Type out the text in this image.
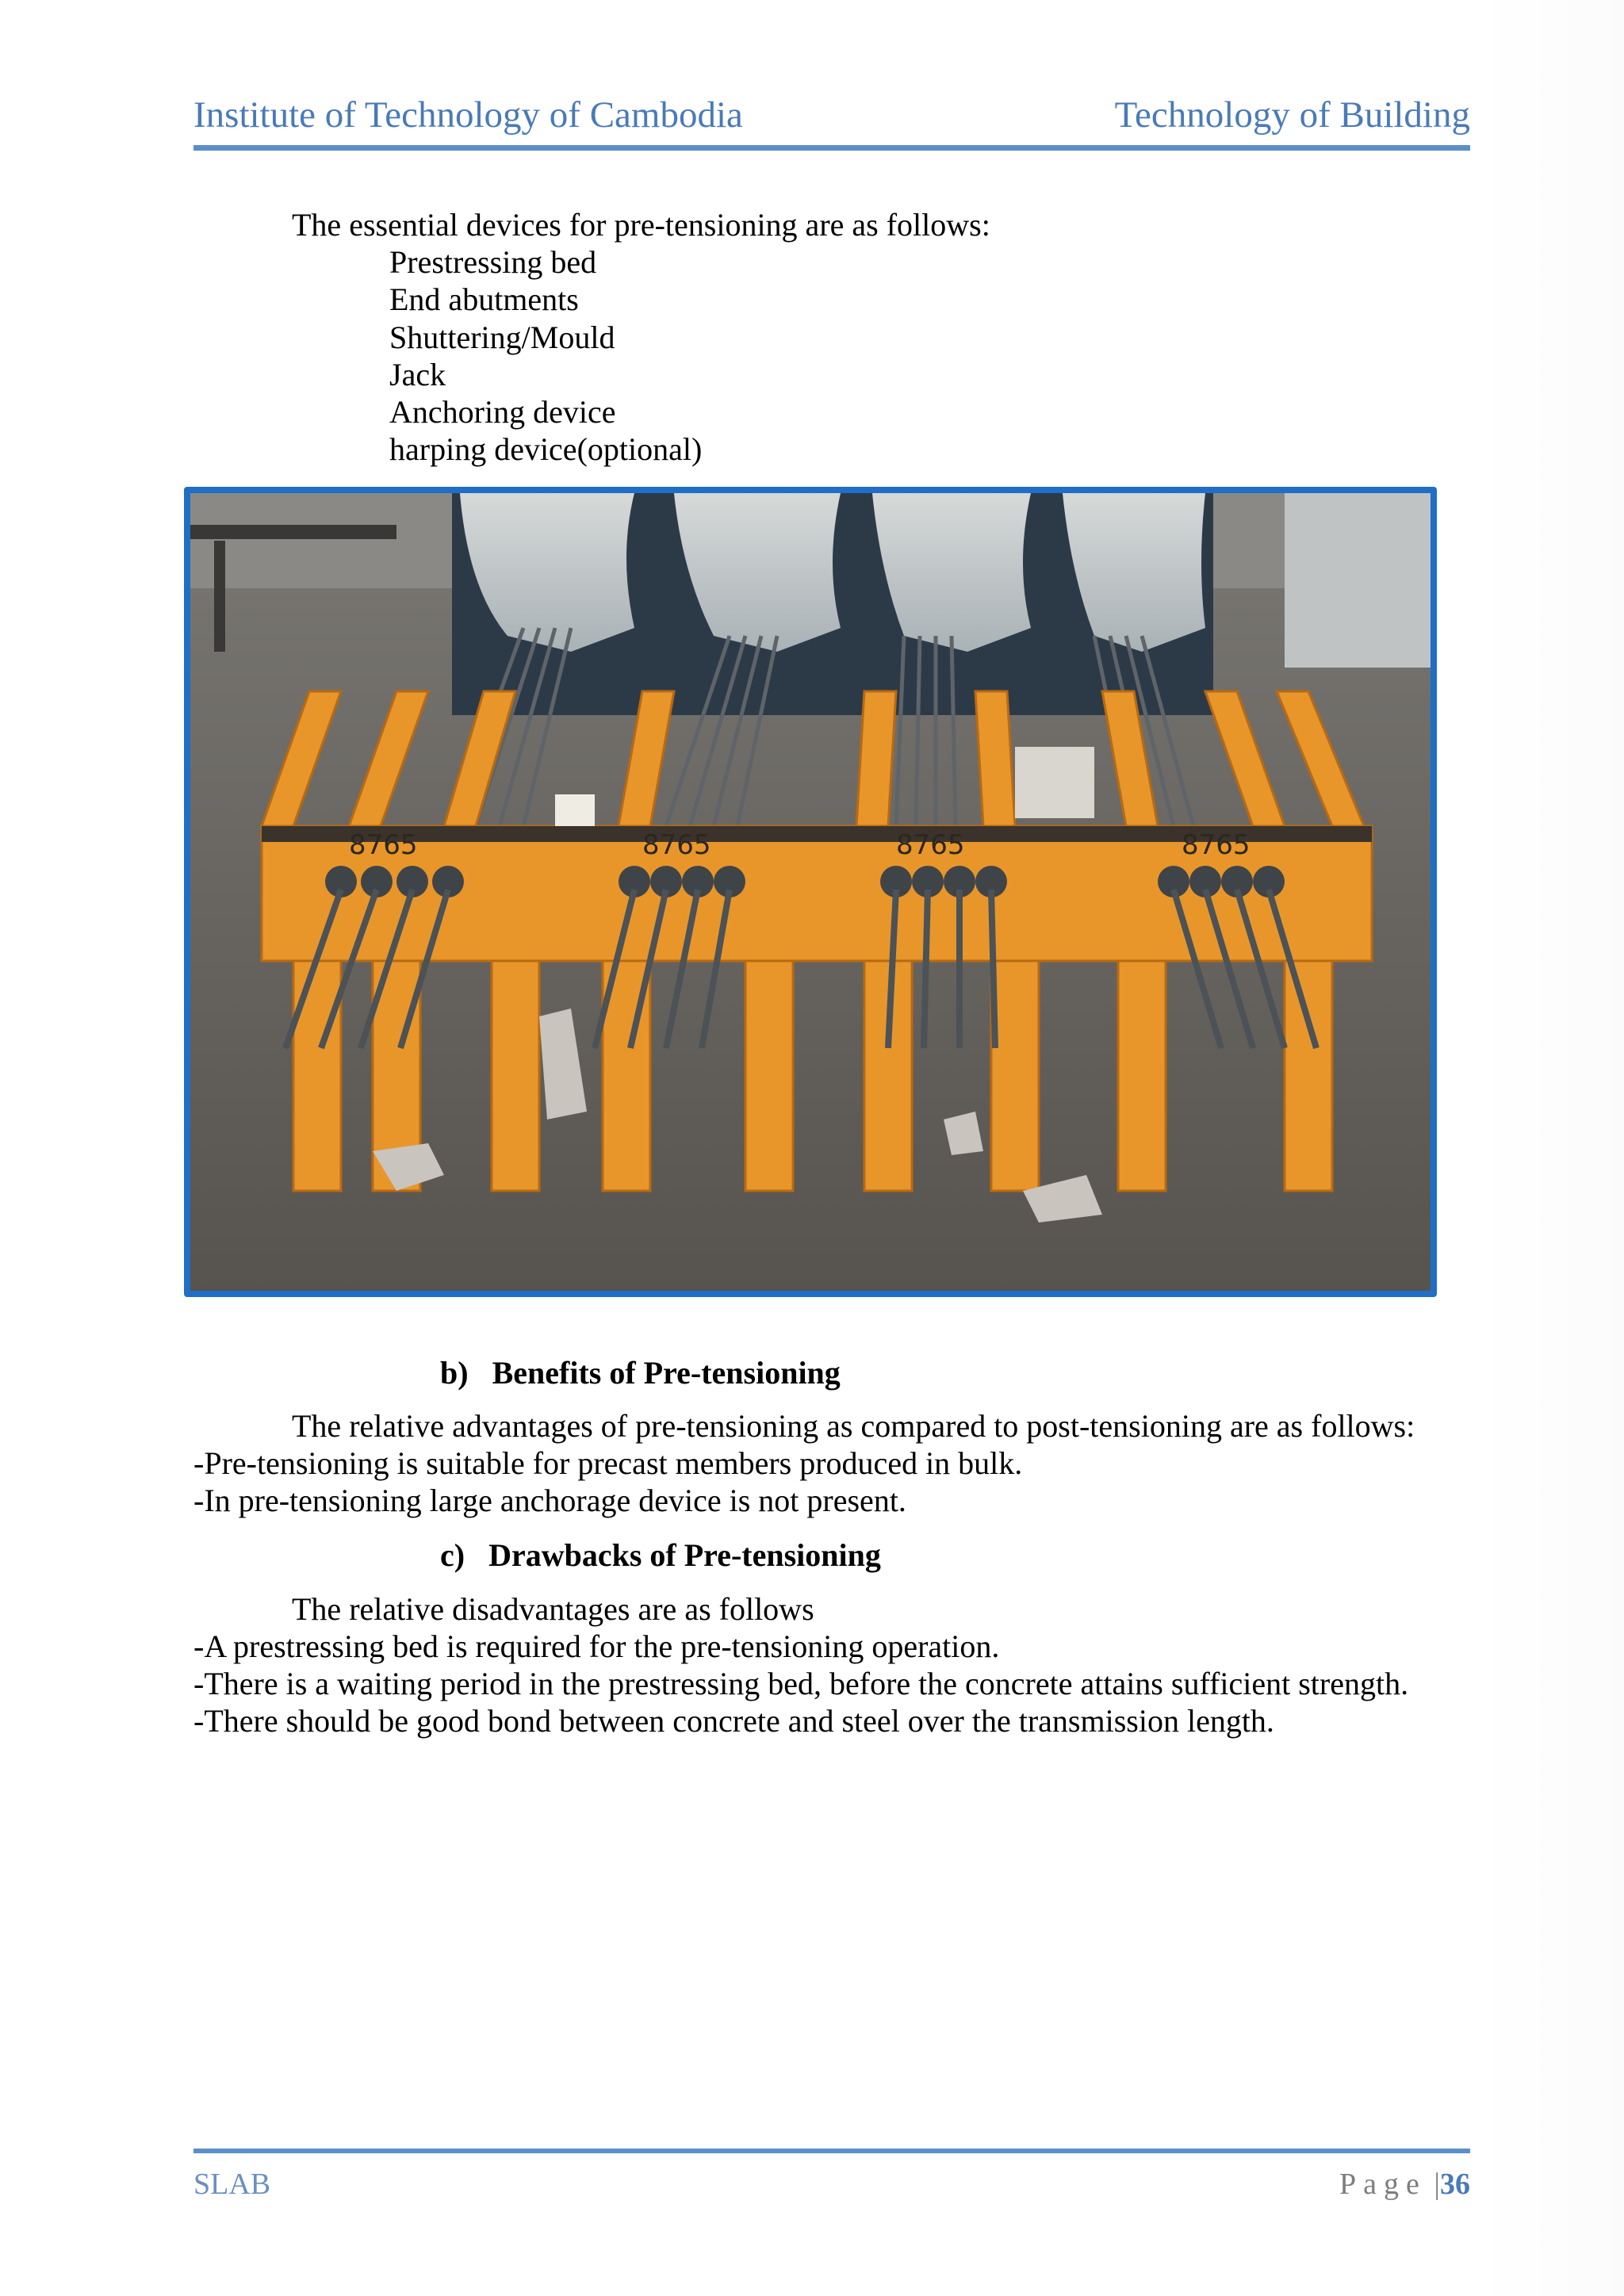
Institute of Technology of Cambodia	Technology of Building
The essential devices for pre-tensioning are as follows:
Prestressing bed
End abutments
Shuttering/Mould
Jack
Anchoring device
harping device(optional)
8765	8765	8765	8765
b) Benefits of Pre-tensioning
The relative advantages of pre-tensioning as compared to post-tensioning are as follows:
-Pre-tensioning is suitable for precast members produced in bulk.
-In pre-tensioning large anchorage device is not present.
c) Drawbacks of Pre-tensioning
The relative disadvantages are as follows
-A prestressing bed is required for the pre-tensioning operation.
-There is a waiting period in the prestressing bed, before the concrete attains sufficient strength.
-There should be good bond between concrete and steel over the transmission length.
SLAB	Page |36
